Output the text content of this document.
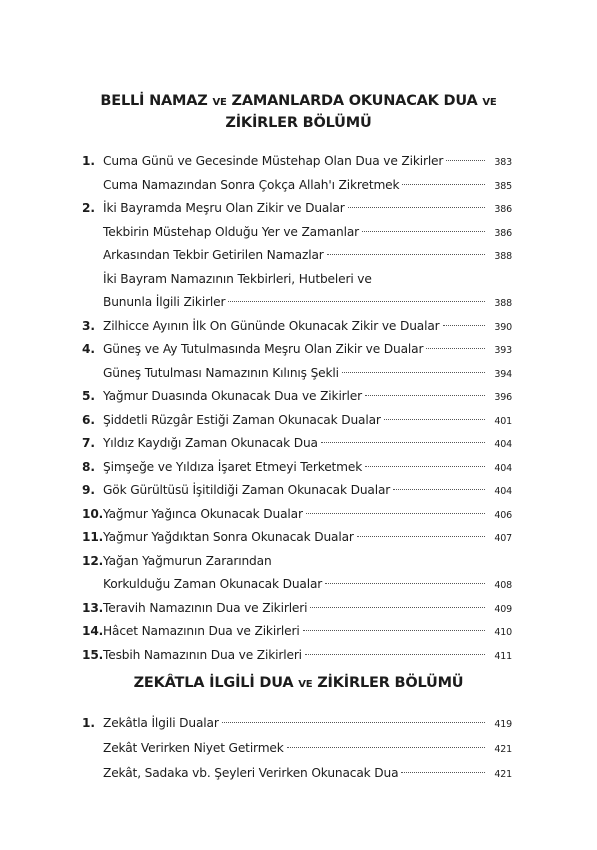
BELLİ NAMAZ VE ZAMANLARDA OKUNACAK DUA VE
ZİKİRLER BÖLÜMÜ
1. Cuma Günü ve Gecesinde Müstehap Olan Dua ve Zikirler	383
Cuma Namazından Sonra Çokça Allah'ı Zikretmek	385
2. İki Bayramda Meşru Olan Zikir ve Dualar	386
Tekbirin Müstehap Olduğu Yer ve Zamanlar	386
Arkasından Tekbir Getirilen Namazlar	388
İki Bayram Namazının Tekbirleri, Hutbeleri ve
Bununla İlgili Zikirler	388
3. Zilhicce Ayının İlk On Gününde Okunacak Zikir ve Dualar	390
4. Güneş ve Ay Tutulmasında Meşru Olan Zikir ve Dualar	393
Güneş Tutulması Namazının Kılınış Şekli	394
5. Yağmur Duasında Okunacak Dua ve Zikirler	396
6. Şiddetli Rüzgâr Estiği Zaman Okunacak Dualar	401
7. Yıldız Kaydığı Zaman Okunacak Dua	404
8. Şimşeğe ve Yıldıza İşaret Etmeyi Terketmek	404
9. Gök Gürültüsü İşitildiği Zaman Okunacak Dualar	404
10. Yağmur Yağınca Okunacak Dualar	406
11. Yağmur Yağdıktan Sonra Okunacak Dualar	407
12. Yağan Yağmurun Zararından
Korkulduğu Zaman Okunacak Dualar	408
13. Teravih Namazının Dua ve Zikirleri	409
14. Hâcet Namazının Dua ve Zikirleri	410
15. Tesbih Namazının Dua ve Zikirleri	411
ZEKÂTLA İLGİLİ DUA VE ZİKİRLER BÖLÜMÜ
1. Zekâtla İlgili Dualar	419
Zekât Verirken Niyet Getirmek	421
Zekât, Sadaka vb. Şeyleri Verirken Okunacak Dua	421
